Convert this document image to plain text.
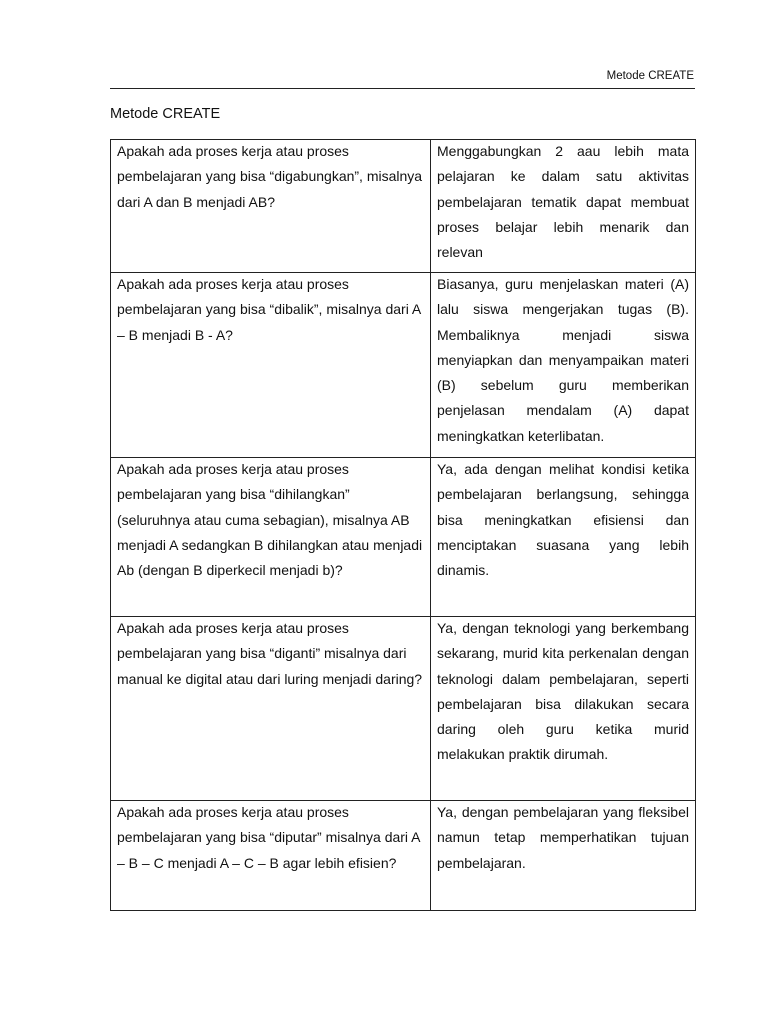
Metode CREATE
Metode CREATE
Apakah ada proses kerja atau proses pembelajaran yang bisa “digabungkan”, misalnya dari A dan B menjadi AB?	Menggabungkan 2 aau lebih mata pelajaran ke dalam satu aktivitas pembelajaran tematik dapat membuat proses belajar lebih menarik dan relevan

Apakah ada proses kerja atau proses pembelajaran yang bisa “dibalik”, misalnya dari A – B menjadi B - A?	Biasanya, guru menjelaskan materi (A) lalu siswa mengerjakan tugas (B). Membaliknya menjadi siswa menyiapkan dan menyampaikan materi (B) sebelum guru memberikan penjelasan mendalam (A) dapat meningkatkan keterlibatan.

Apakah ada proses kerja atau proses pembelajaran yang bisa “dihilangkan” (seluruhnya atau cuma sebagian), misalnya AB menjadi A sedangkan B dihilangkan atau menjadi Ab (dengan B diperkecil menjadi b)?	Ya, ada dengan melihat kondisi ketika pembelajaran berlangsung, sehingga bisa meningkatkan efisiensi dan menciptakan suasana yang lebih dinamis.

Apakah ada proses kerja atau proses pembelajaran yang bisa “diganti” misalnya dari manual ke digital atau dari luring menjadi daring?	Ya, dengan teknologi yang berkembang sekarang, murid kita perkenalan dengan teknologi dalam pembelajaran, seperti pembelajaran bisa dilakukan secara daring oleh guru ketika murid melakukan praktik dirumah.

Apakah ada proses kerja atau proses pembelajaran yang bisa “diputar” misalnya dari A – B – C menjadi A – C – B agar lebih efisien?	Ya, dengan pembelajaran yang fleksibel namun tetap memperhatikan tujuan pembelajaran.
